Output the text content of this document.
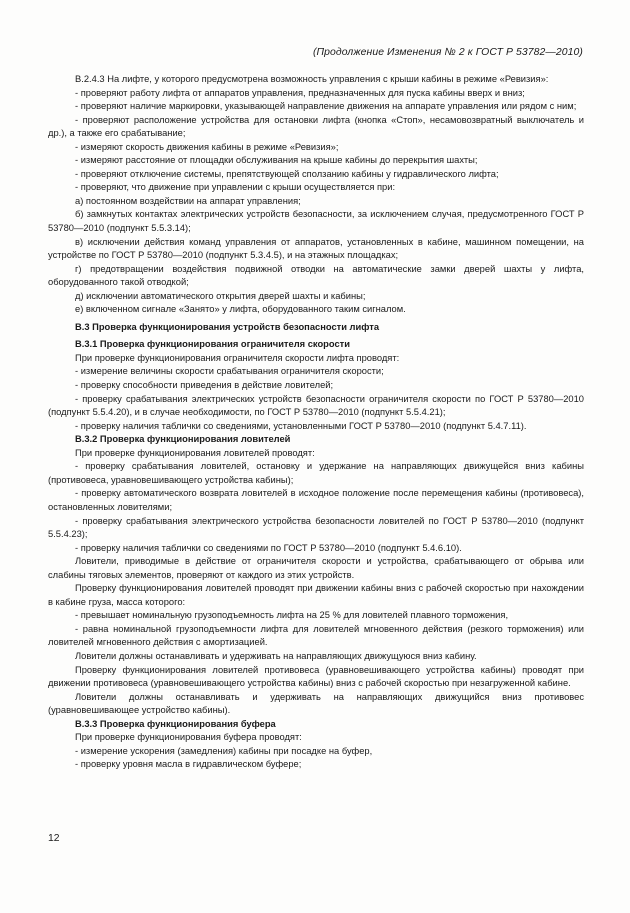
(Продолжение Изменения № 2 к ГОСТ Р 53782—2010)

В.2.4.3 На лифте, у которого предусмотрена возможность управления с крыши кабины в режиме «Ревизия»:

- проверяют работу лифта от аппаратов управления, предназначенных для пуска кабины вверх и вниз;

- проверяют наличие маркировки, указывающей направление движения на аппарате управления или рядом с ним;

- проверяют расположение устройства для остановки лифта (кнопка «Стоп», несамовозвратный выключатель и др.), а также его срабатывание;

- измеряют скорость движения кабины в режиме «Ревизия»;

- измеряют расстояние от площадки обслуживания на крыше кабины до перекрытия шахты;

- проверяют отключение системы, препятствующей сползанию кабины у гидравлического лифта;

- проверяют, что движение при управлении с крыши осуществляется при:

а) постоянном воздействии на аппарат управления;

б) замкнутых контактах электрических устройств безопасности, за исключением случая, предусмотренного ГОСТ Р 53780—2010 (подпункт 5.5.3.14);

в) исключении действия команд управления от аппаратов, установленных в кабине, машинном помещении, на устройстве по ГОСТ Р 53780—2010 (подпункт 5.3.4.5), и на этажных площадках;

г) предотвращении воздействия подвижной отводки на автоматические замки дверей шахты у лифта, оборудованного такой отводкой;

д) исключении автоматического открытия дверей шахты и кабины;

е) включенном сигнале «Занято» у лифта, оборудованного таким сигналом.

В.3 Проверка функционирования устройств безопасности лифта

В.3.1 Проверка функционирования ограничителя скорости

При проверке функционирования ограничителя скорости лифта проводят:

- измерение величины скорости срабатывания ограничителя скорости;

- проверку способности приведения в действие ловителей;

- проверку срабатывания электрических устройств безопасности ограничителя скорости по ГОСТ Р 53780—2010 (подпункт 5.5.4.20), и в случае необходимости, по ГОСТ Р 53780—2010 (подпункт 5.5.4.21);

- проверку наличия таблички со сведениями, установленными ГОСТ Р 53780—2010 (подпункт 5.4.7.11).

В.3.2 Проверка функционирования ловителей

При проверке функционирования ловителей проводят:

- проверку срабатывания ловителей, остановку и удержание на направляющих движущейся вниз кабины (противовеса, уравновешивающего устройства кабины);

- проверку автоматического возврата ловителей в исходное положение после перемещения кабины (противовеса), остановленных ловителями;

- проверку срабатывания электрического устройства безопасности ловителей по ГОСТ Р 53780—2010 (подпункт 5.5.4.23);

- проверку наличия таблички со сведениями по ГОСТ Р 53780—2010 (подпункт 5.4.6.10).

Ловители, приводимые в действие от ограничителя скорости и устройства, срабатывающего от обрыва или слабины тяговых элементов, проверяют от каждого из этих устройств.

Проверку функционирования ловителей проводят при движении кабины вниз с рабочей скоростью при нахождении в кабине груза, масса которого:

- превышает номинальную грузоподъемность лифта на 25 % для ловителей плавного торможения,

- равна номинальной грузоподъемности лифта для ловителей мгновенного действия (резкого торможения) или ловителей мгновенного действия с амортизацией.

Ловители должны останавливать и удерживать на направляющих движущуюся вниз кабину.

Проверку функционирования ловителей противовеса (уравновешивающего устройства кабины) проводят при движении противовеса (уравновешивающего устройства кабины) вниз с рабочей скоростью при незагруженной кабине.

Ловители должны останавливать и удерживать на направляющих движущийся вниз противовес (уравновешивающее устройство кабины).

В.3.3 Проверка функционирования буфера

При проверке функционирования буфера проводят:

- измерение ускорения (замедления) кабины при посадке на буфер,

- проверку уровня масла в гидравлическом буфере;

12
